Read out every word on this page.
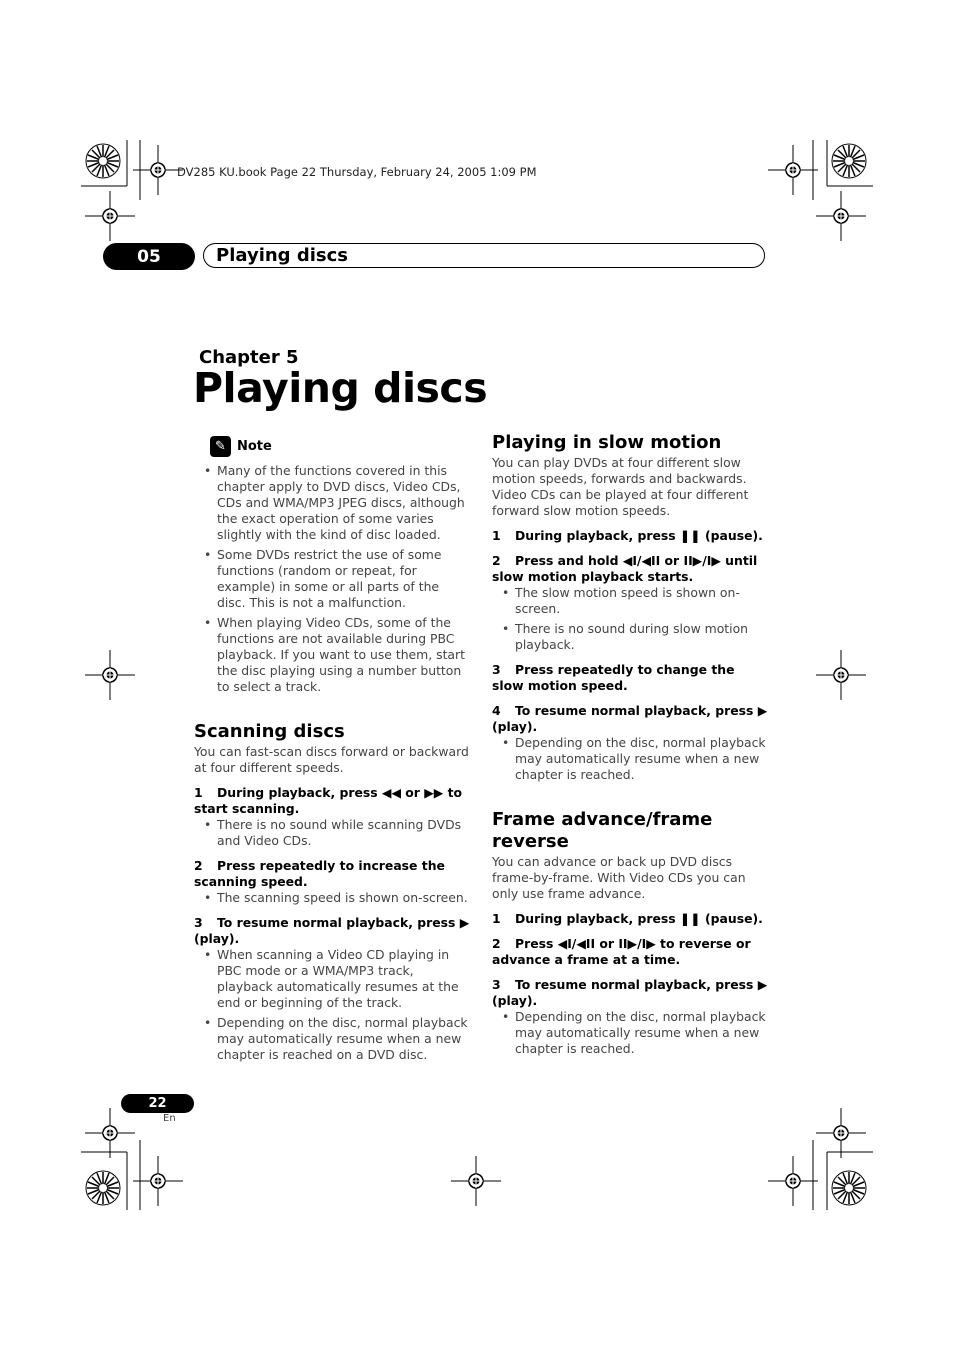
DV285 KU.book Page 22 Thursday, February 24, 2005 1:09 PM
05	Playing discs
Chapter 5
Playing discs
✎ Note
• Many of the functions covered in this chapter apply to DVD discs, Video CDs, CDs and WMA/MP3 JPEG discs, although the exact operation of some varies slightly with the kind of disc loaded.
• Some DVDs restrict the use of some functions (random or repeat, for example) in some or all parts of the disc. This is not a malfunction.
• When playing Video CDs, some of the functions are not available during PBC playback. If you want to use them, start the disc playing using a number button to select a track.
Scanning discs

You can fast-scan discs forward or backward at four different speeds.

1 During playback, press ◀◀ or ▶▶ to start scanning.

• There is no sound while scanning DVDs and Video CDs.

2 Press repeatedly to increase the scanning speed.

• The scanning speed is shown on-screen.

3 To resume normal playback, press ▶ (play).

• When scanning a Video CD playing in PBC mode or a WMA/MP3 track, playback automatically resumes at the end or beginning of the track.
• Depending on the disc, normal playback may automatically resume when a new chapter is reached on a DVD disc.
Playing in slow motion

You can play DVDs at four different slow motion speeds, forwards and backwards. Video CDs can be played at four different forward slow motion speeds.

1 During playback, press ❚❚ (pause).

2 Press and hold ◀I/◀II or II▶/I▶ until slow motion playback starts.

• The slow motion speed is shown on-screen.
• There is no sound during slow motion playback.

3 Press repeatedly to change the slow motion speed.

4 To resume normal playback, press ▶ (play).

• Depending on the disc, normal playback may automatically resume when a new chapter is reached.
Frame advance/frame reverse

You can advance or back up DVD discs frame-by-frame. With Video CDs you can only use frame advance.

1 During playback, press ❚❚ (pause).

2 Press ◀I/◀II or II▶/I▶ to reverse or advance a frame at a time.

3 To resume normal playback, press ▶ (play).

• Depending on the disc, normal playback may automatically resume when a new chapter is reached.
22
En
